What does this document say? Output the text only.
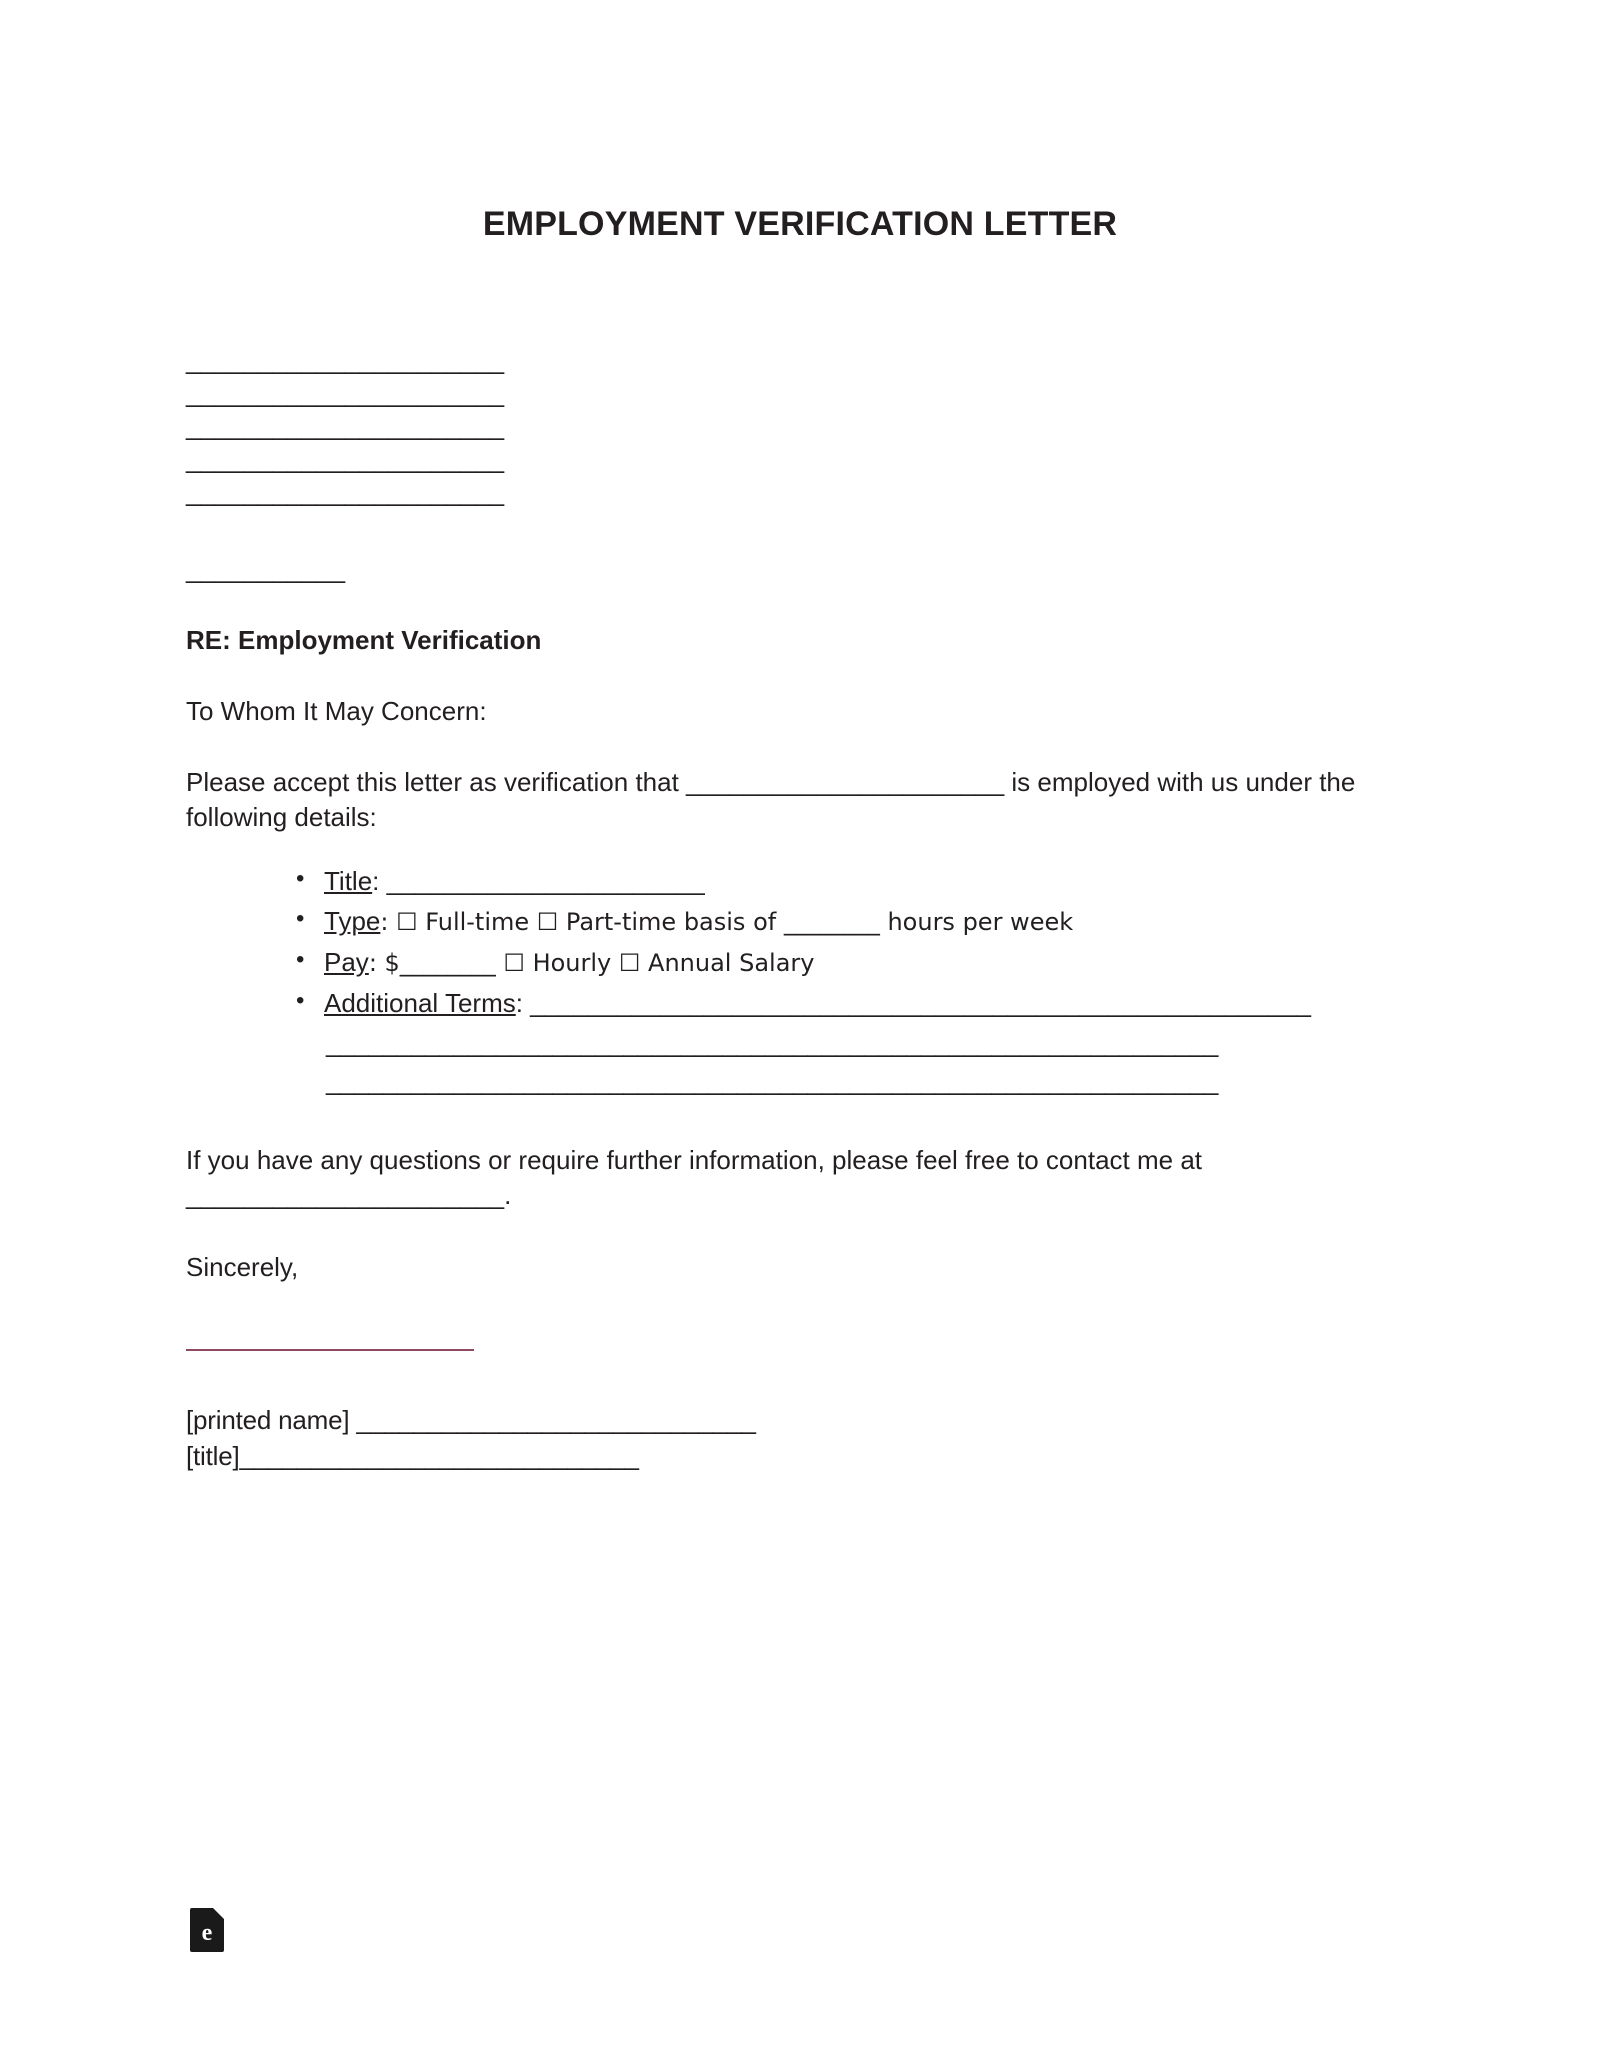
EMPLOYMENT VERIFICATION LETTER
______________________
______________________
______________________
______________________
______________________
___________
RE: Employment Verification
To Whom It May Concern:
Please accept this letter as verification that ______________________ is employed with us under the following details:
• Title: ______________________
• Type: ☐ Full-time ☐ Part-time basis of ________ hours per week
• Pay: $________ ☐ Hourly ☐ Annual Salary
• Additional Terms: ______________________________________________________
_______________________________________________________________
_______________________________________________________________
If you have any questions or require further information, please feel free to contact me at ______________________.
Sincerely,
[printed name] ____________________________
[title]____________________________
e
